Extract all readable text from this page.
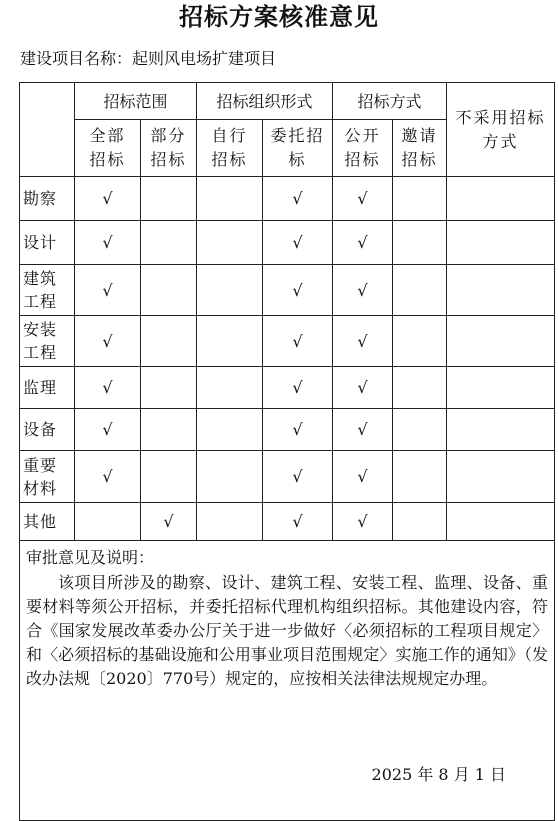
招标方案核准意见
建设项目名称：起则风电场扩建项目
	招标范围		招标组织形式		招标方式		不采用招标方式
	全部招标	部分招标	自行招标	委托招标	公开招标	邀请招标	
勘察	√			√	√		
设计	√			√	√		
建筑工程	√			√	√		
安装工程	√			√	√		
监理	√			√	√		
设备	√			√	√		
重要材料	√			√	√		
其他		√		√	√		

审批意见及说明：
该项目所涉及的勘察、设计、建筑工程、安装工程、监理、设备、重要材料等须公开招标，并委托招标代理机构组织招标。其他建设内容，符合《国家发展改革委办公厅关于进一步做好〈必须招标的工程项目规定〉和〈必须招标的基础设施和公用事业项目范围规定〉实施工作的通知》（发改办法规〔2020〕770号）规定的，应按相关法律法规规定办理。
2025 年 8 月 1 日							
